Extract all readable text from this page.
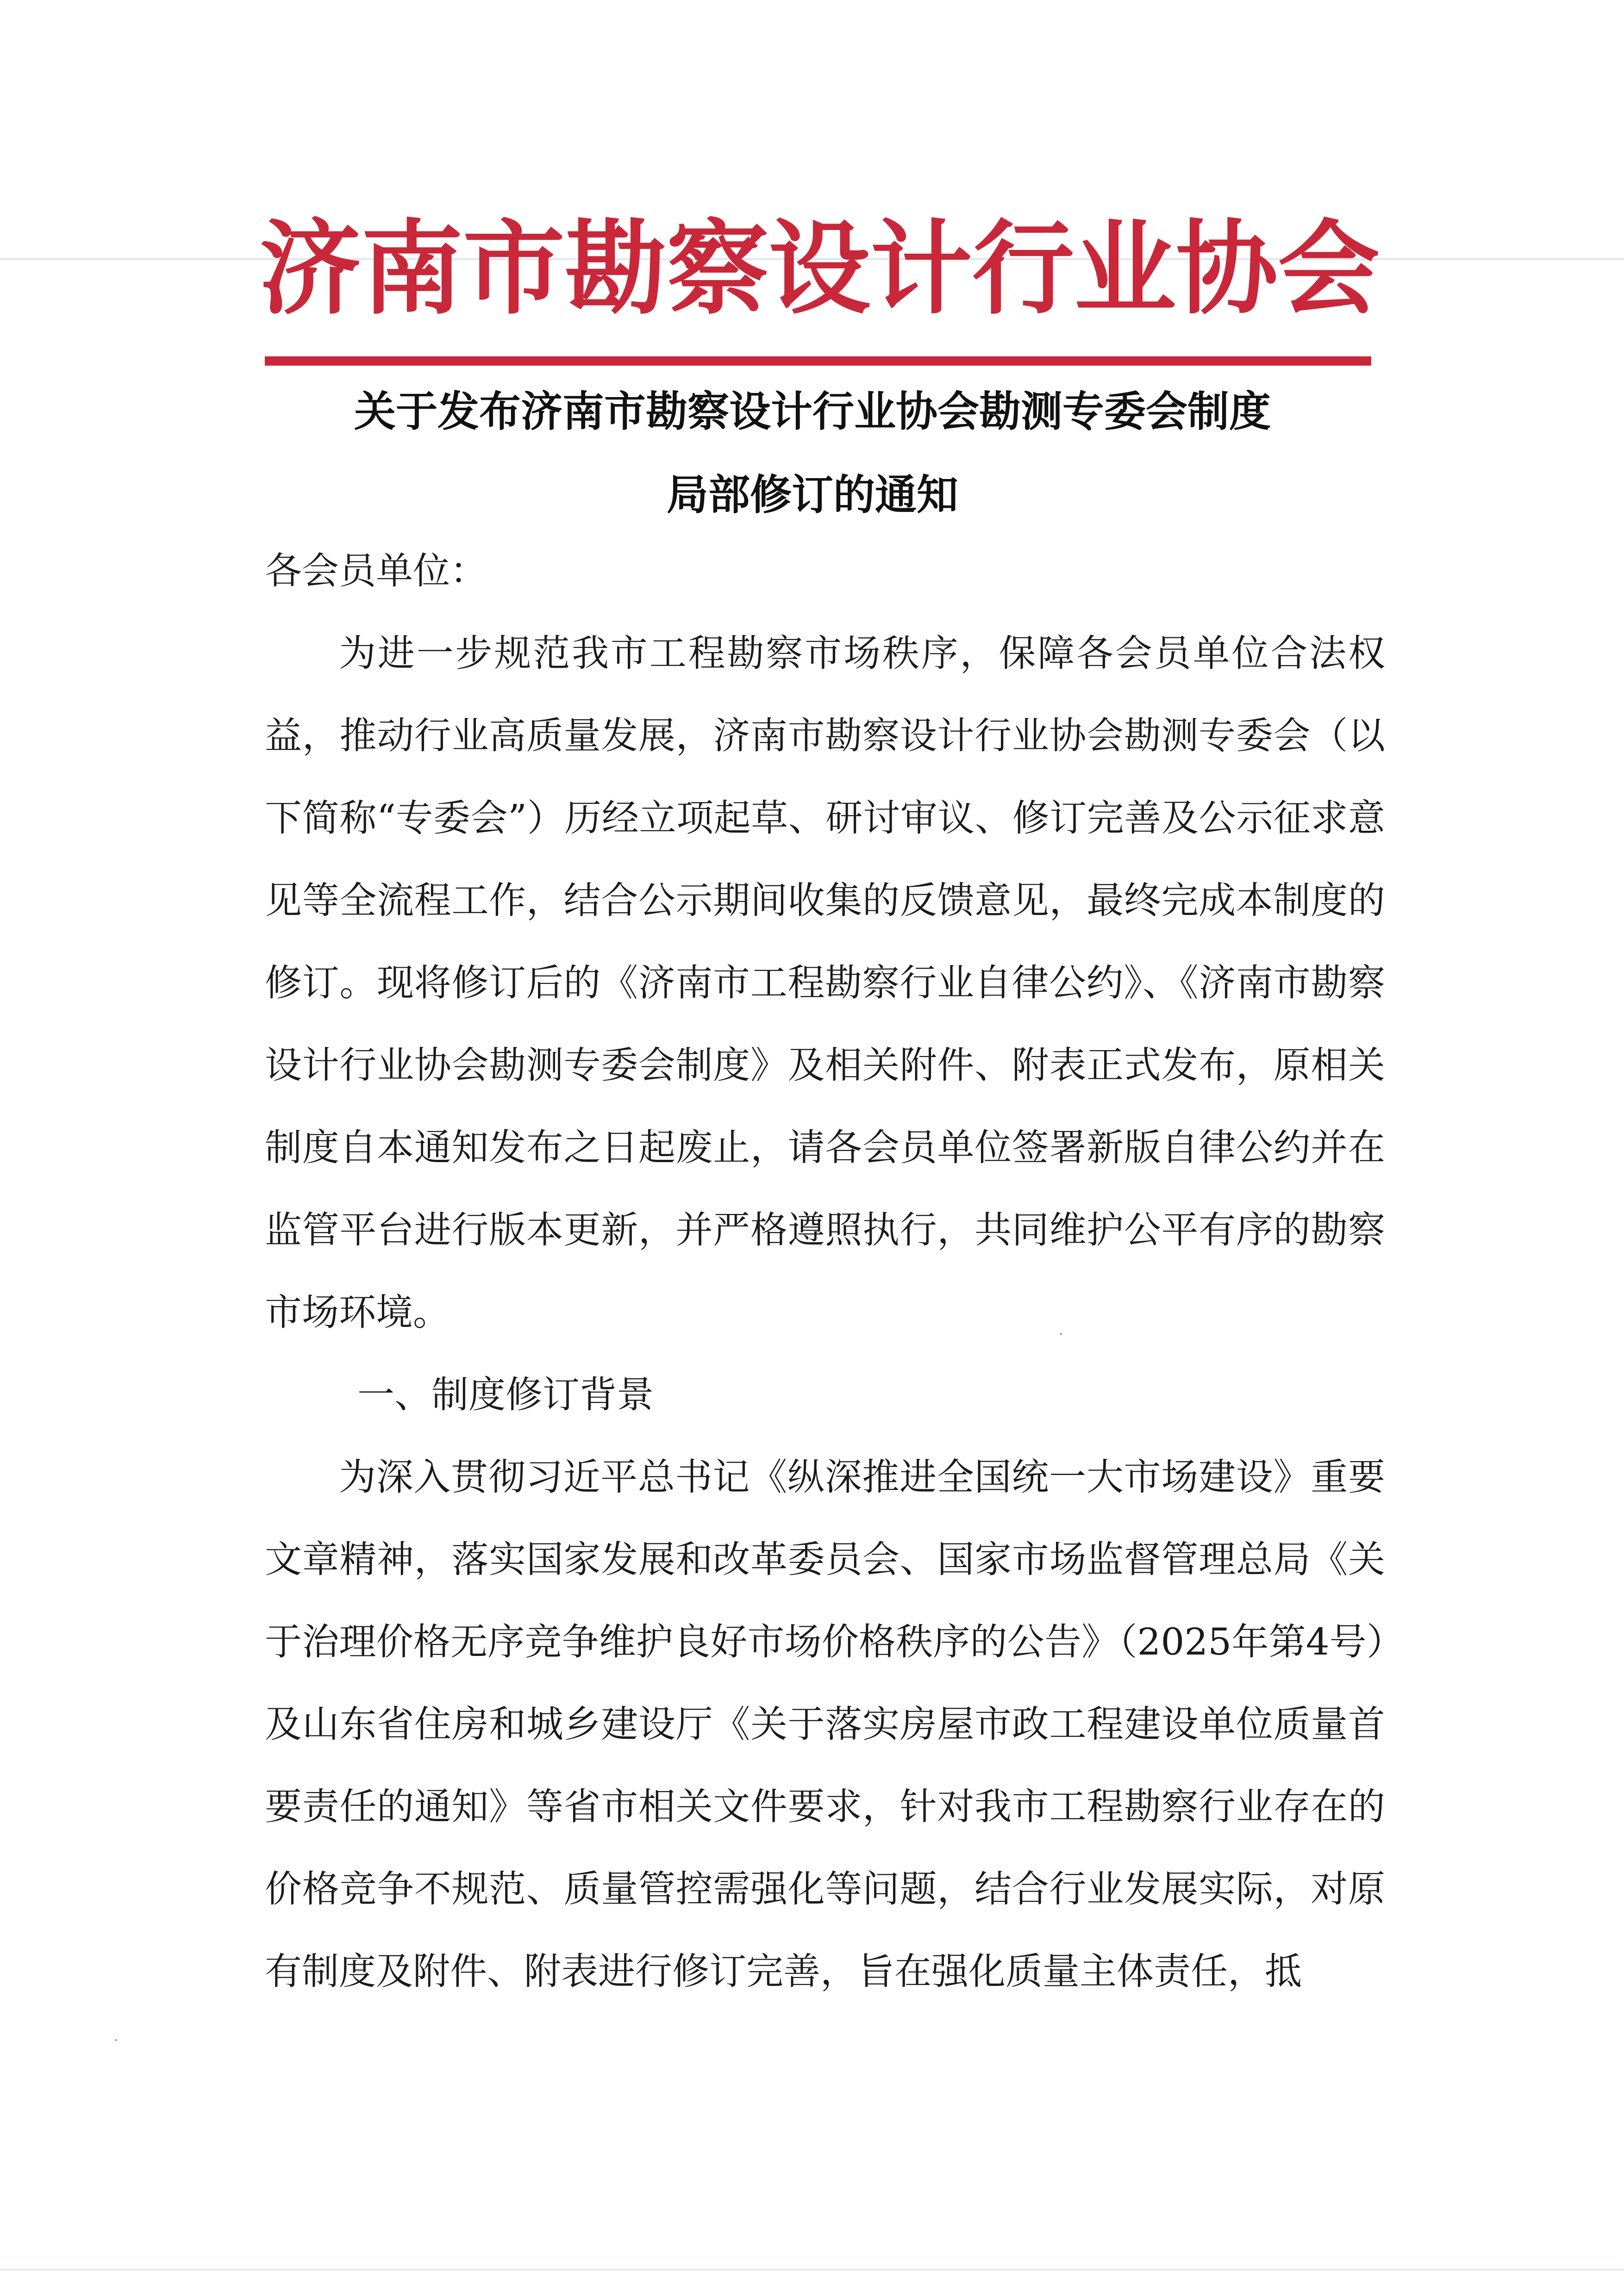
济 南 市 勘 察 设 计 行 业 协 会
关于发布济南市勘察设计行业协会勘测专委会制度
局部修订的通知

各会员单位：

为进一步规范我市工程勘察市场秩序，保障各会员单位合法权益，推动行业高质量发展，济南市勘察设计行业协会勘测专委会（以下简称“专委会”）历经立项起草、研讨审议、修订完善及公示征求意见等全流程工作，结合公示期间收集的反馈意见，最终完成本制度的修订。现将修订后的《济南市工程勘察行业自律公约》、《济南市勘察设计行业协会勘测专委会制度》及相关附件、附表正式发布，原相关制度自本通知发布之日起废止，请各会员单位签署新版自律公约并在监管平台进行版本更新，并严格遵照执行，共同维护公平有序的勘察市场环境。

一、制度修订背景

为深入贯彻习近平总书记《纵深推进全国统一大市场建设》重要文章精神，落实国家发展和改革委员会、国家市场监督管理总局《关于治理价格无序竞争维护良好市场价格秩序的公告》（2025年第4号）及山东省住房和城乡建设厅《关于落实房屋市政工程建设单位质量首要责任的通知》等省市相关文件要求，针对我市工程勘察行业存在的价格竞争不规范、质量管控需强化等问题，结合行业发展实际，对原有制度及附件、附表进行修订完善，旨在强化质量主体责任，抵
